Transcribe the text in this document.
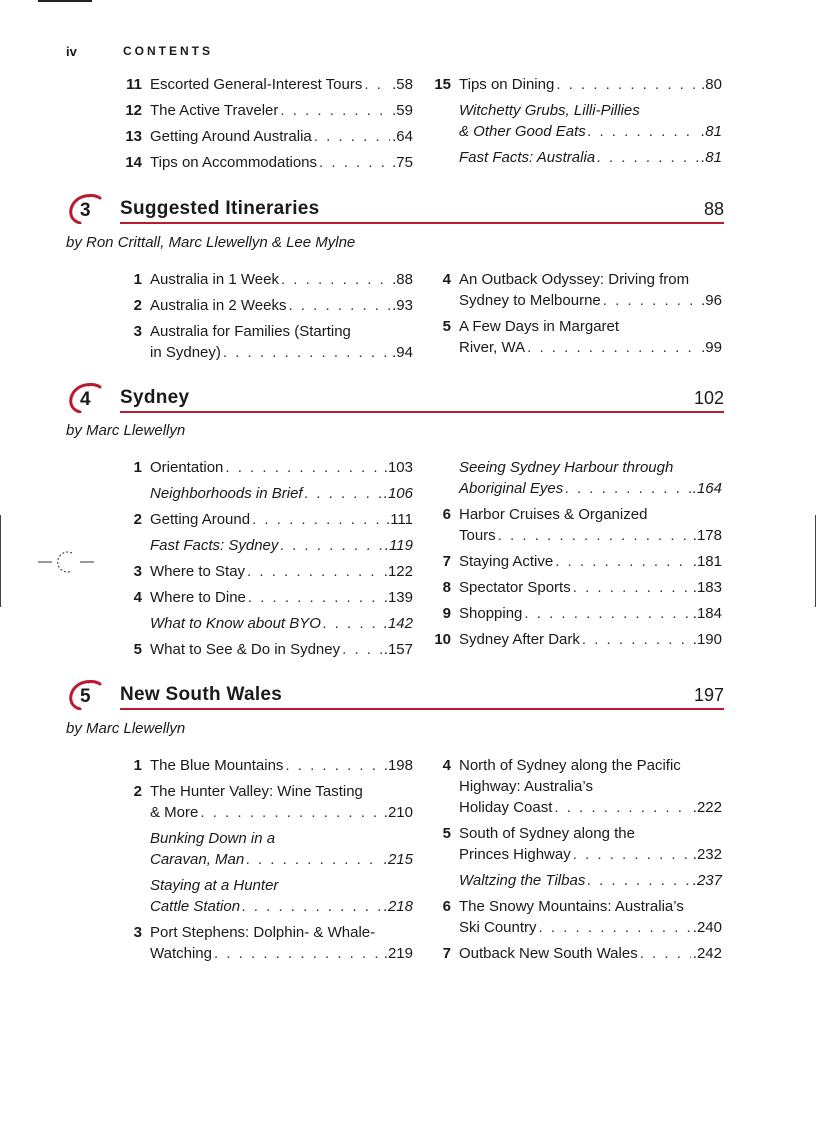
iv	CONTENTS
11 Escorted General-Interest Tours . . . .58
12 The Active Traveler . . .	.59
13 Getting Around Australia . . .	.64
14 Tips on Accommodations . . .	.75
15 Tips on Dining . . .	.80
Witchetty Grubs, Lilli-Pillies
& Other Good Eats . . .	.81
Fast Facts: Australia . . .	.81
3 Suggested Itineraries	88
by Ron Crittall, Marc Llewellyn & Lee Mylne
1 Australia in 1 Week . . .	.88
2 Australia in 2 Weeks . . .	.93
3 Australia for Families (Starting
in Sydney) . . .	.94
4 An Outback Odyssey: Driving from
Sydney to Melbourne . . .	.96
5 A Few Days in Margaret
River, WA . . .	.99
4 Sydney	102
by Marc Llewellyn
1 Orientation . . .	.103
Neighborhoods in Brief . . .	.106
2 Getting Around . . .	.111
Fast Facts: Sydney . . .	.119
3 Where to Stay . . .	.122
4 Where to Dine . . .	.139
What to Know about BYO . . .	.142
5 What to See & Do in Sydney . . .	.157
Seeing Sydney Harbour through
Aboriginal Eyes . . .	.164
6 Harbor Cruises & Organized
Tours . . .	.178
7 Staying Active . . .	.181
8 Spectator Sports . . .	.183
9 Shopping . . .	.184
10 Sydney After Dark . . .	.190
5 New South Wales	197
by Marc Llewellyn
1 The Blue Mountains . . .	.198
2 The Hunter Valley: Wine Tasting
& More . . .	.210
Bunking Down in a
Caravan, Man . . .	.215
Staying at a Hunter
Cattle Station . . .	.218
3 Port Stephens: Dolphin- & Whale-
Watching . . .	.219
4 North of Sydney along the Pacific
Highway: Australia’s
Holiday Coast . . .	.222
5 South of Sydney along the
Princes Highway . . .	.232
Waltzing the Tilbas . . .	.237
6 The Snowy Mountains: Australia’s
Ski Country . . .	.240
7 Outback New South Wales . . .	.242
